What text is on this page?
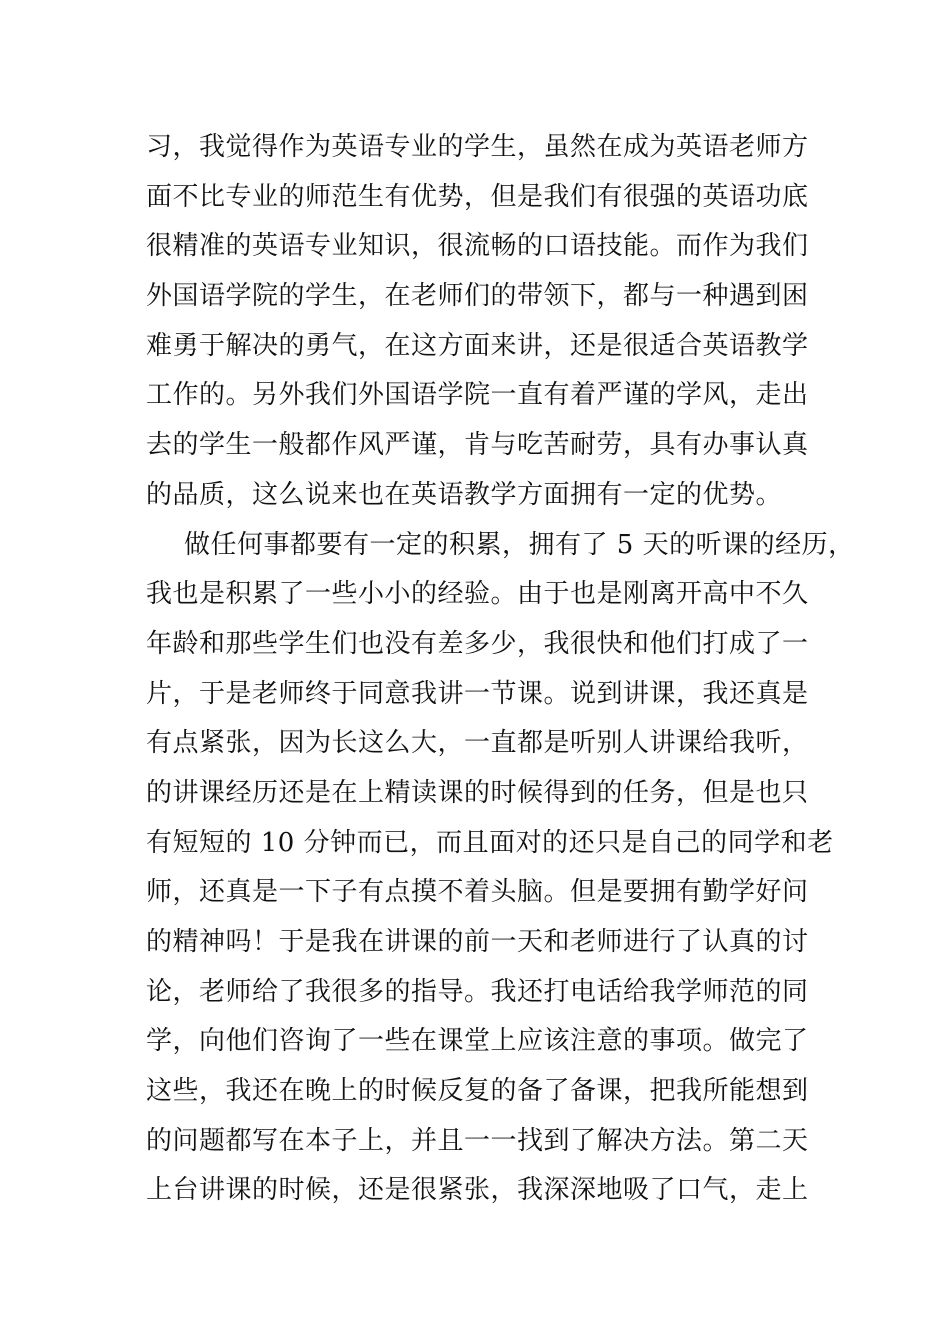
习，我觉得作为英语专业的学生，虽然在成为英语老师方
面不比专业的师范生有优势，但是我们有很强的英语功底
很精准的英语专业知识，很流畅的口语技能。而作为我们
外国语学院的学生，在老师们的带领下，都与一种遇到困
难勇于解决的勇气，在这方面来讲，还是很适合英语教学
工作的。另外我们外国语学院一直有着严谨的学风，走出
去的学生一般都作风严谨，肯与吃苦耐劳，具有办事认真
的品质，这么说来也在英语教学方面拥有一定的优势。
做任何事都要有一定的积累，拥有了 5 天的听课的经历，
我也是积累了一些小小的经验。由于也是刚离开高中不久
年龄和那些学生们也没有差多少，我很快和他们打成了一
片，于是老师终于同意我讲一节课。说到讲课，我还真是
有点紧张，因为长这么大，一直都是听别人讲课给我听，
的讲课经历还是在上精读课的时候得到的任务，但是也只
有短短的 10 分钟而已，而且面对的还只是自己的同学和老
师，还真是一下子有点摸不着头脑。但是要拥有勤学好问
的精神吗！于是我在讲课的前一天和老师进行了认真的讨
论，老师给了我很多的指导。我还打电话给我学师范的同
学，向他们咨询了一些在课堂上应该注意的事项。做完了
这些，我还在晚上的时候反复的备了备课，把我所能想到
的问题都写在本子上，并且一一找到了解决方法。第二天
上台讲课的时候，还是很紧张，我深深地吸了口气，走上
